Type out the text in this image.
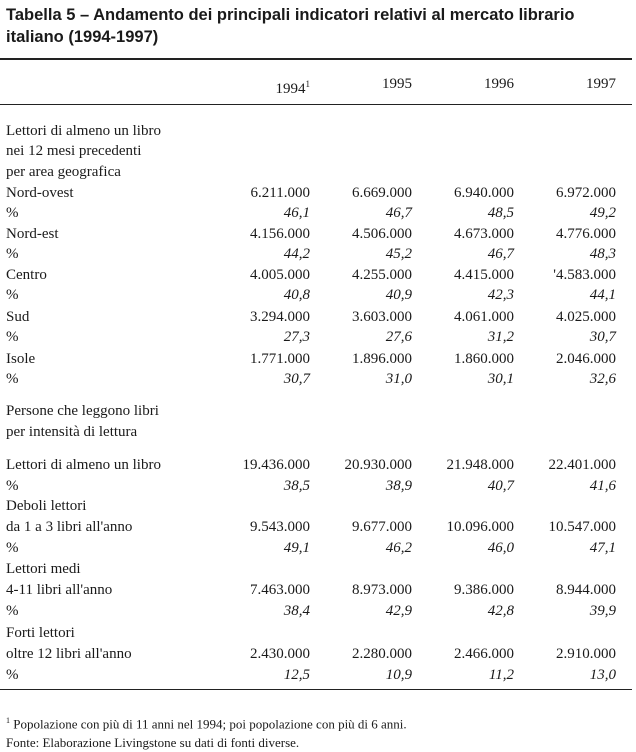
Tabella 5 – Andamento dei principali indicatori relativi al mercato librario italiano (1994-1997)
1994$^1$	1995	1996	1997
Lettori di almeno un libro
nei 12 mesi precedenti
per area geografica
Persone che leggono libri
per intensità di lettura
Nord-ovest	6.211.000	6.669.000	6.940.000	6.972.000
%	46,1	46,7	48,5	49,2
Nord-est	4.156.000	4.506.000	4.673.000	4.776.000
%	44,2	45,2	46,7	48,3
Centro	4.005.000	4.255.000	4.415.000	'4.583.000
%	40,8	40,9	42,3	44,1
Sud	3.294.000	3.603.000	4.061.000	4.025.000
%	27,3	27,6	31,2	30,7
Isole	1.771.000	1.896.000	1.860.000	2.046.000
%	30,7	31,0	30,1	32,6
Lettori di almeno un libro	19.436.000	20.930.000	21.948.000	22.401.000
%	38,5	38,9	40,7	41,6
Deboli lettori
da 1 a 3 libri all'anno	9.543.000	9.677.000	10.096.000	10.547.000
%	49,1	46,2	46,0	47,1
Lettori medi
4-11 libri all'anno	7.463.000	8.973.000	9.386.000	8.944.000
%	38,4	42,9	42,8	39,9
Forti lettori
oltre 12 libri all'anno	2.430.000	2.280.000	2.466.000	2.910.000
%	12,5	10,9	11,2	13,0
$^1$ Popolazione con più di 11 anni nel 1994; poi popolazione con più di 6 anni.
Fonte: Elaborazione Livingstone su dati di fonti diverse.
